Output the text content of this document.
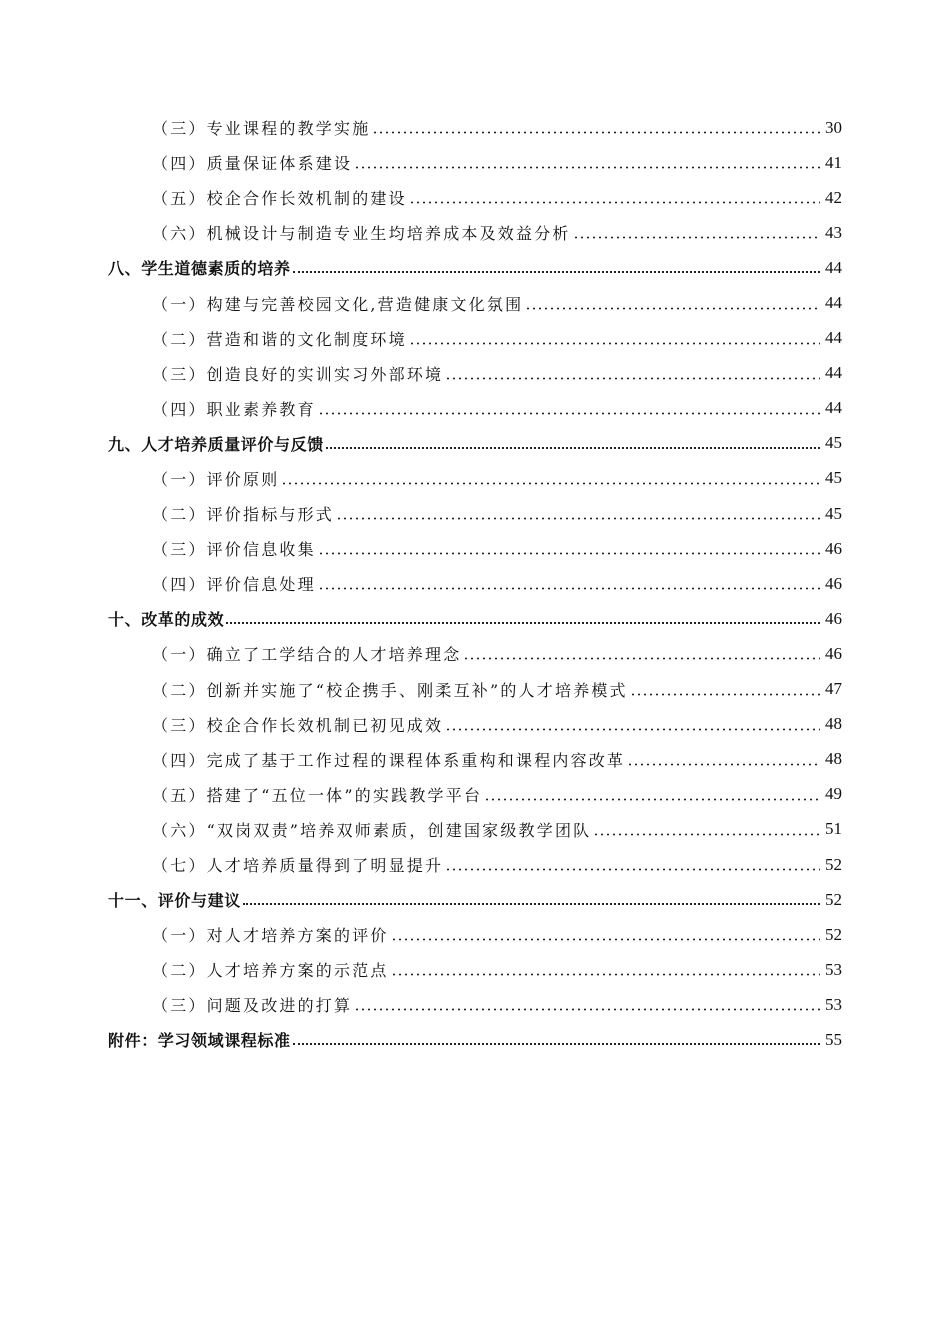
（三）专业课程的教学实施	30
（四）质量保证体系建设	41
（五）校企合作长效机制的建设	42
（六）机械设计与制造专业生均培养成本及效益分析	43
八、学生道德素质的培养	44
（一）构建与完善校园文化,营造健康文化氛围	44
（二）营造和谐的文化制度环境	44
（三）创造良好的实训实习外部环境	44
（四）职业素养教育	44
九、人才培养质量评价与反馈	45
（一）评价原则	45
（二）评价指标与形式	45
（三）评价信息收集	46
（四）评价信息处理	46
十、改革的成效	46
（一）确立了工学结合的人才培养理念	46
（二）创新并实施了“校企携手、刚柔互补”的人才培养模式	47
（三）校企合作长效机制已初见成效	48
（四）完成了基于工作过程的课程体系重构和课程内容改革	48
（五）搭建了“五位一体”的实践教学平台	49
（六）“双岗双责”培养双师素质，创建国家级教学团队	51
（七）人才培养质量得到了明显提升	52
十一、评价与建议	52
（一）对人才培养方案的评价	52
（二）人才培养方案的示范点	53
（三）问题及改进的打算	53
附件：学习领域课程标准	55
